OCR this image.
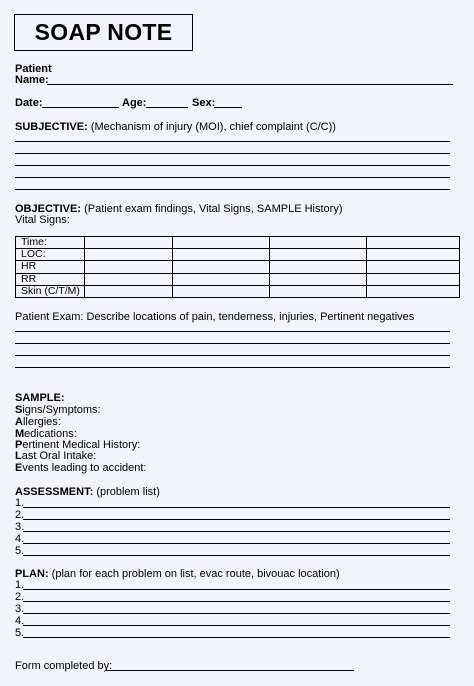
SOAP NOTE
Patient
Name:
Date:	Age:	Sex:
SUBJECTIVE: (Mechanism of injury (MOI), chief complaint (C/C))
OBJECTIVE: (Patient exam findings, Vital Signs, SAMPLE History)
Vital Signs:
Time:				
LOC:				
HR				
RR				
Skin (C/T/M)				
Patient Exam: Describe locations of pain, tenderness, injuries, Pertinent negatives
SAMPLE:
Signs/Symptoms:
Allergies:
Medications:
Pertinent Medical History:
Last Oral Intake:
Events leading to accident:
ASSESSMENT: (problem list)
1.
2.
3.
4.
5.
PLAN: (plan for each problem on list, evac route, bivouac location)
1.
2.
3.
4.
5.
Form completed by:
